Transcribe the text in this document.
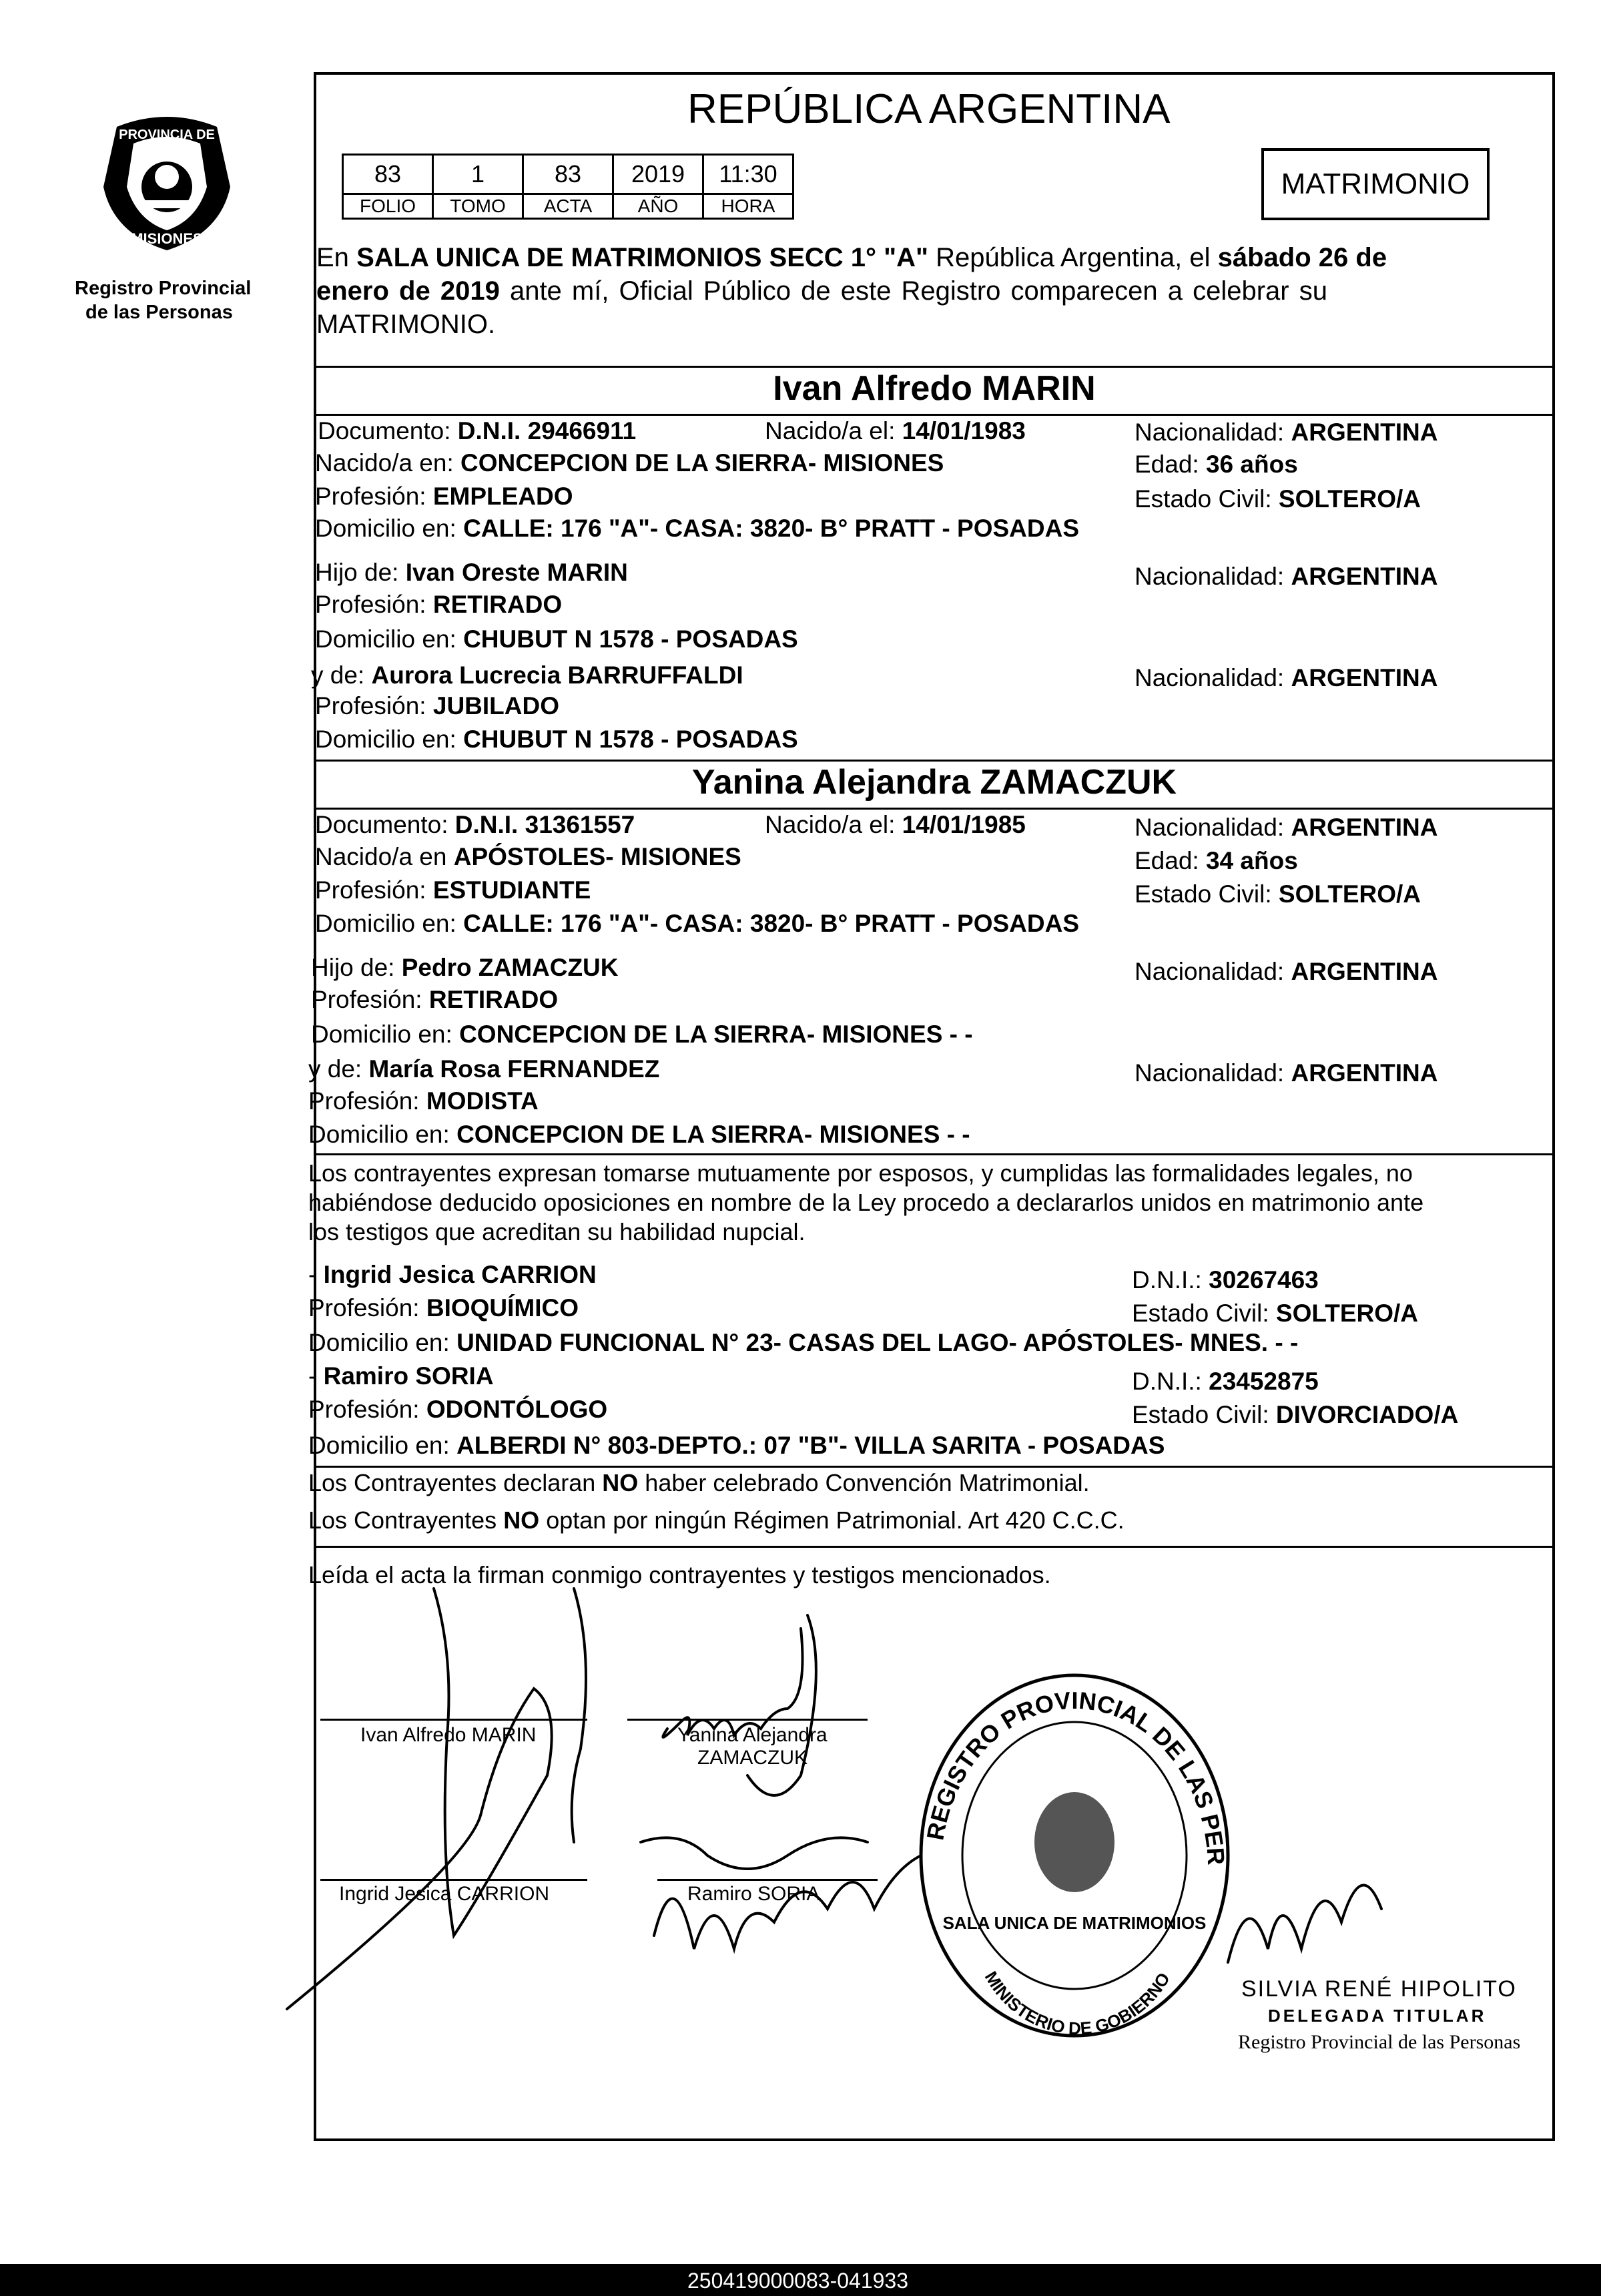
PROVINCIA DE
MISIONES
Registro Provincial
de las Personas
REPÚBLICA ARGENTINA
83	1	83	2019	11:30
FOLIO	TOMO	ACTA	AÑO	HORA
MATRIMONIO
En SALA UNICA DE MATRIMONIOS SECC 1° "A" República Argentina, el sábado 26 de
enero de 2019 ante mí, Oficial Público de este Registro comparecen a celebrar su
MATRIMONIO.
Ivan Alfredo MARIN
Documento: D.N.I. 29466911	Nacido/a el: 14/01/1983	Nacionalidad: ARGENTINA
Nacido/a en: CONCEPCION DE LA SIERRA- MISIONES	Edad: 36 años
Profesión: EMPLEADO	Estado Civil: SOLTERO/A
Domicilio en: CALLE: 176 "A"- CASA: 3820- B° PRATT - POSADAS
Hijo de: Ivan Oreste MARIN	Nacionalidad: ARGENTINA
Profesión: RETIRADO
Domicilio en: CHUBUT N 1578 - POSADAS
y de: Aurora Lucrecia BARRUFFALDI	Nacionalidad: ARGENTINA
Profesión: JUBILADO
Domicilio en: CHUBUT N 1578 - POSADAS
Yanina Alejandra ZAMACZUK
Documento: D.N.I. 31361557	Nacido/a el: 14/01/1985	Nacionalidad: ARGENTINA
Nacido/a en APÓSTOLES- MISIONES	Edad: 34 años
Profesión: ESTUDIANTE	Estado Civil: SOLTERO/A
Domicilio en: CALLE: 176 "A"- CASA: 3820- B° PRATT - POSADAS
Hijo de: Pedro ZAMACZUK	Nacionalidad: ARGENTINA
Profesión: RETIRADO
Domicilio en: CONCEPCION DE LA SIERRA- MISIONES - -
y de: María Rosa FERNANDEZ	Nacionalidad: ARGENTINA
Profesión: MODISTA
Domicilio en: CONCEPCION DE LA SIERRA- MISIONES - -
Los contrayentes expresan tomarse mutuamente por esposos, y cumplidas las formalidades legales, no
habiéndose deducido oposiciones en nombre de la Ley procedo a declararlos unidos en matrimonio ante
los testigos que acreditan su habilidad nupcial.
- Ingrid Jesica CARRION	D.N.I.: 30267463
Profesión: BIOQUÍMICO	Estado Civil: SOLTERO/A
Domicilio en: UNIDAD FUNCIONAL N° 23- CASAS DEL LAGO- APÓSTOLES- MNES. - -
- Ramiro SORIA	D.N.I.: 23452875
Profesión: ODONTÓLOGO	Estado Civil: DIVORCIADO/A
Domicilio en: ALBERDI N° 803-DEPTO.: 07 "B"- VILLA SARITA - POSADAS
Los Contrayentes declaran NO haber celebrado Convención Matrimonial.
Los Contrayentes NO optan por ningún Régimen Patrimonial. Art 420 C.C.C.
Leída el acta la firman conmigo contrayentes y testigos mencionados.
Ivan Alfredo MARIN	Yanina Alejandra
ZAMACZUK
Ingrid Jesica CARRION	Ramiro SORIA
REGISTRO PROVINCIAL DE LAS PER
MINISTERIO DE GOBIERNO
SALA UNICA DE MATRIMONIOS
SILVIA RENÉ HIPOLITO
DELEGADA TITULAR
Registro Provincial de las Personas
250419000083-041933
